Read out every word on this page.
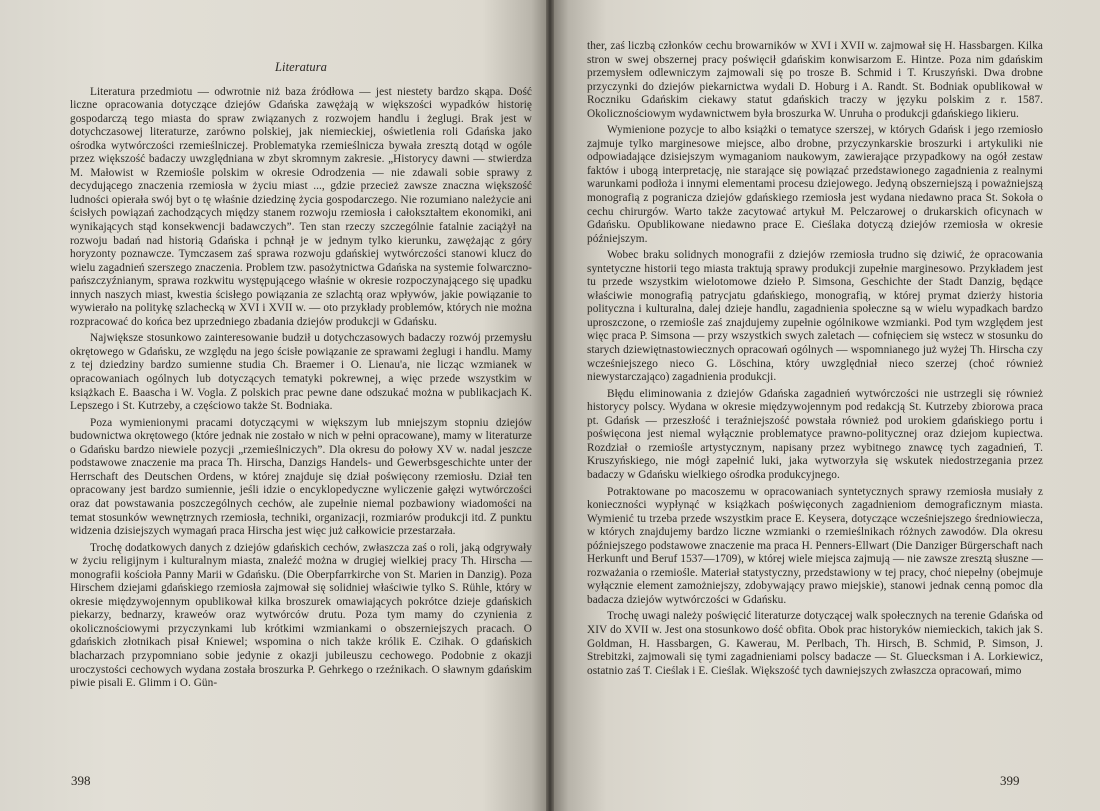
Literatura

Literatura przedmiotu — odwrotnie niż baza źródłowa — jest niestety bardzo skąpa. Dość liczne opracowania dotyczące dziejów Gdańska zawężają w większości wypadków historię gospodarczą tego miasta do spraw związanych z rozwojem handlu i żeglugi. Brak jest w dotychczasowej literaturze, zarówno polskiej, jak niemieckiej, oświetlenia roli Gdańska jako ośrodka wytwórczości rzemieślniczej. Problematyka rzemieślnicza bywała zresztą dotąd w ogóle przez większość badaczy uwzględniana w zbyt skromnym zakresie. „Historycy dawni — stwierdza M. Małowist w Rzemiośle polskim w okresie Odrodzenia — nie zdawali sobie sprawy z decydującego znaczenia rzemiosła w życiu miast ..., gdzie przecież zawsze znaczna większość ludności opierała swój byt o tę właśnie dziedzinę życia gospodarczego. Nie rozumiano należycie ani ścisłych powiązań zachodzących między stanem rozwoju rzemiosła i całokształtem ekonomiki, ani wynikających stąd konsekwencji badawczych”. Ten stan rzeczy szczególnie fatalnie zaciążył na rozwoju badań nad historią Gdańska i pchnął je w jednym tylko kierunku, zawężając z góry horyzonty poznawcze. Tymczasem zaś sprawa rozwoju gdańskiej wytwórczości stanowi klucz do wielu zagadnień szerszego znaczenia. Problem tzw. pasożytnictwa Gdańska na systemie folwarczno-pańszczyźnianym, sprawa rozkwitu występującego właśnie w okresie rozpoczynającego się upadku innych naszych miast, kwestia ścisłego powiązania ze szlachtą oraz wpływów, jakie powiązanie to wywierało na politykę szlachecką w XVI i XVII w. — oto przykłady problemów, których nie można rozpracować do końca bez uprzedniego zbadania dziejów produkcji w Gdańsku.

Największe stosunkowo zainteresowanie budził u dotychczasowych badaczy rozwój przemysłu okrętowego w Gdańsku, ze względu na jego ścisłe powiązanie ze sprawami żeglugi i handlu. Mamy z tej dziedziny bardzo sumienne studia Ch. Braemer i O. Lienau'a, nie licząc wzmianek w opracowaniach ogólnych lub dotyczących tematyki pokrewnej, a więc przede wszystkim w książkach E. Baascha i W. Vogla. Z polskich prac pewne dane odszukać można w publikacjach K. Lepszego i St. Kutrzeby, a częściowo także St. Bodniaka.

Poza wymienionymi pracami dotyczącymi w większym lub mniejszym stopniu dziejów budownictwa okrętowego (które jednak nie zostało w nich w pełni opracowane), mamy w literaturze o Gdańsku bardzo niewiele pozycji „rzemieślniczych”. Dla okresu do połowy XV w. nadal jeszcze podstawowe znaczenie ma praca Th. Hirscha, Danzigs Handels- und Gewerbsgeschichte unter der Herrschaft des Deutschen Ordens, w której znajduje się dział poświęcony rzemiosłu. Dział ten opracowany jest bardzo sumiennie, jeśli idzie o encyklopedyczne wyliczenie gałęzi wytwórczości oraz dat powstawania poszczególnych cechów, ale zupełnie niemal pozbawiony wiadomości na temat stosunków wewnętrznych rzemiosła, techniki, organizacji, rozmiarów produkcji itd. Z punktu widzenia dzisiejszych wymagań praca Hirscha jest więc już całkowicie przestarzała.

Trochę dodatkowych danych z dziejów gdańskich cechów, zwłaszcza zaś o roli, jaką odgrywały w życiu religijnym i kulturalnym miasta, znaleźć można w drugiej wielkiej pracy Th. Hirscha — monografii kościoła Panny Marii w Gdańsku. (Die Oberpfarrkirche von St. Marien in Danzig). Poza Hirschem dziejami gdańskiego rzemiosła zajmował się solidniej właściwie tylko S. Rühle, który w okresie międzywojennym opublikował kilka broszurek omawiających pokrótce dzieje gdańskich piekarzy, bednarzy, kraweów oraz wytwórców drutu. Poza tym mamy do czynienia z okolicznościowymi przyczynkami lub krótkimi wzmiankami o obszerniejszych pracach. O gdańskich złotnikach pisał Kniewel; wspomina o nich także królik E. Czihak. O gdańskich blacharzach przypomniano sobie jedynie z okazji jubileuszu cechowego. Podobnie z okazji uroczystości cechowych wydana została broszurka P. Gehrkego o rzeźnikach. O sławnym gdańskim piwie pisali E. Glimm i O. Gün-

398

ther, zaś liczbą członków cechu browarników w XVI i XVII w. zajmował się H. Hassbargen. Kilka stron w swej obszernej pracy poświęcił gdańskim konwisarzom E. Hintze. Poza nim gdańskim przemysłem odlewniczym zajmowali się po trosze B. Schmid i T. Kruszyński. Dwa drobne przyczynki do dziejów piekarnictwa wydali D. Hoburg i A. Randt. St. Bodniak opublikował w Roczniku Gdańskim ciekawy statut gdańskich traczy w języku polskim z r. 1587. Okolicznościowym wydawnictwem była broszurka W. Unruha o produkcji gdańskiego likieru.

Wymienione pozycje to albo książki o tematyce szerszej, w których Gdańsk i jego rzemiosło zajmuje tylko marginesowe miejsce, albo drobne, przyczynkarskie broszurki i artykuliki nie odpowiadające dzisiejszym wymaganiom naukowym, zawierające przypadkowy na ogół zestaw faktów i ubogą interpretację, nie starające się powiązać przedstawionego zagadnienia z realnymi warunkami podłoża i innymi elementami procesu dziejowego. Jedyną obszerniejszą i poważniejszą monografią z pogranicza dziejów gdańskiego rzemiosła jest wydana niedawno praca St. Sokoła o cechu chirurgów. Warto także zacytować artykuł M. Pelczarowej o drukarskich oficynach w Gdańsku. Opublikowane niedawno prace E. Cieślaka dotyczą dziejów rzemiosła w okresie późniejszym.

Wobec braku solidnych monografii z dziejów rzemiosła trudno się dziwić, że opracowania syntetyczne historii tego miasta traktują sprawy produkcji zupełnie marginesowo. Przykładem jest tu przede wszystkim wielotomowe dzieło P. Simsona, Geschichte der Stadt Danzig, będące właściwie monografią patrycjatu gdańskiego, monografią, w której prymat dzierży historia polityczna i kulturalna, dalej dzieje handlu, zagadnienia społeczne są w wielu wypadkach bardzo uproszczone, o rzemiośle zaś znajdujemy zupełnie ogólnikowe wzmianki. Pod tym względem jest więc praca P. Simsona — przy wszystkich swych zaletach — cofnięciem się wstecz w stosunku do starych dziewiętnastowiecznych opracowań ogólnych — wspomnianego już wyżej Th. Hirscha czy wcześniejszego nieco G. Löschina, który uwzględniał nieco szerzej (choć również niewystarczająco) zagadnienia produkcji.

Błędu eliminowania z dziejów Gdańska zagadnień wytwórczości nie ustrzegli się również historycy polscy. Wydana w okresie międzywojennym pod redakcją St. Kutrzeby zbiorowa praca pt. Gdańsk — przeszłość i teraźniejszość powstała również pod urokiem gdańskiego portu i poświęcona jest niemal wyłącznie problematyce prawno-politycznej oraz dziejom kupiectwa. Rozdział o rzemiośle artystycznym, napisany przez wybitnego znawcę tych zagadnień, T. Kruszyńskiego, nie mógł zapełnić luki, jaka wytworzyła się wskutek niedostrzegania przez badaczy w Gdańsku wielkiego ośrodka produkcyjnego.

Potraktowane po macoszemu w opracowaniach syntetycznych sprawy rzemiosła musiały z konieczności wypłynąć w książkach poświęconych zagadnieniom demograficznym miasta. Wymienić tu trzeba przede wszystkim prace E. Keysera, dotyczące wcześniejszego średniowiecza, w których znajdujemy bardzo liczne wzmianki o rzemieślnikach różnych zawodów. Dla okresu późniejszego podstawowe znaczenie ma praca H. Penners-Ellwart (Die Danziger Bürgerschaft nach Herkunft und Beruf 1537—1709), w której wiele miejsca zajmują — nie zawsze zresztą słuszne — rozważania o rzemiośle. Materiał statystyczny, przedstawiony w tej pracy, choć niepełny (obejmuje wyłącznie element zamożniejszy, zdobywający prawo miejskie), stanowi jednak cenną pomoc dla badacza dziejów wytwórczości w Gdańsku.

Trochę uwagi należy poświęcić literaturze dotyczącej walk społecznych na terenie Gdańska od XIV do XVII w. Jest ona stosunkowo dość obfita. Obok prac historyków niemieckich, takich jak S. Goldman, H. Hassbargen, G. Kawerau, M. Perlbach, Th. Hirsch, B. Schmid, P. Simson, J. Strebitzki, zajmowali się tymi zagadnieniami polscy badacze — St. Gluecksman i A. Lorkiewicz, ostatnio zaś T. Cieślak i E. Cieślak. Większość tych dawniejszych zwłaszcza opracowań, mimo

399
